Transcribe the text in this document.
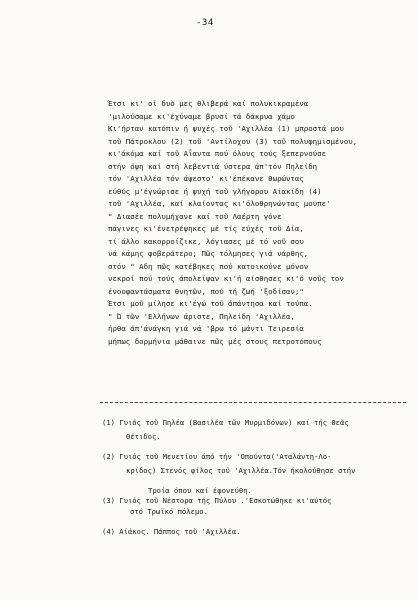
-34
Έτσι κι' οἱ δυὸ μες θλιβερά καί πολυκικραμένα
'μιλούσαμε κι'έχύναμε βρυσί τά δάκρυα χάμο
Κι'ήρταν κατόπιν ή ψυχές τοῦ 'Αχιλλέα (1) μπροστά μου
τοῦ Πάτροκλου (2) τοῦ 'Αντίλοχου (3) τοῦ πολυφημισμένου,
κι'άκόμα καί τοῦ Αΐαντα πού όλους τούς ξεπερνούσε
στήν όψη καί στή λεβεντιά ύστερα άπ'τόν Πηλείδη
τόν 'Αχιλλέα τόν άψεστο' κι'έπέκανε θωρώντας
εύθύς μ'έγνώρισε ή ψυχή τοῦ γλήγορου Αίακίδη (4)
τοῦ 'Αχιλλέα, καί κλαίοντας κι'όλοθρηνώντας μουπε'
" Διασέε πολυμήχανε καί τοῦ Λαέρτη γόνε
πάγινες κι'ένετρέψηκες μέ τίς εύχές τοῦ Δία,
τί άλλο κακορροίζικε, λόγιασες μέ τό νοῦ σου
νά κάμης φοβεράτερο; Πῶς τόλμησες γιά νάρθης,
στόν " Αδη πῶς κατέβηκες πού κατοικούνε μόνον
νεκροί πού τούς άπολείψαν κι'ή αίσθησες κι'ό νοῦς τον
ένοοφαντάσματα θνητῶν, πού τή ζωή 'ξοδίσαν;"
Έτσι μοῦ μίλησε κι'έγώ τοῦ άπάντησα καί τούπα.
" Ώ τῶν 'Ελλήνων άριστε, Πηλείδη 'Αχιλλέα,
ήρθα άπ'άνάγκη γιά νά 'βρω τό μάντι Τειρεσία
μήπως δορμήνια μάθαινε πῶς μές στους πετροτόπους
(1) Γυιός τοῦ Πηλέα (Βασιλέα τῶν Μυρμιδόνων) καί τής Θεᾶς
Θέτιδος.
(2) Γυιός τοῦ Μενετίου άπό τήν 'Οπούντα('Αταλάντη-Λο-
κρίδος) Στενός φίλος τοῦ 'Αχιλλέα.Τόν ήκολούθησε στήν
Τροία όπου καί έφονεύθη.
(3) Γυιός τοῦ Νέστορα τής Πύλου .'Εσκοτώθηκε κι'αύτός
στό Τρωϊκό πόλεμο.
(4) Αίάκος. Πάππος τοῦ 'Αχιλλέα.
